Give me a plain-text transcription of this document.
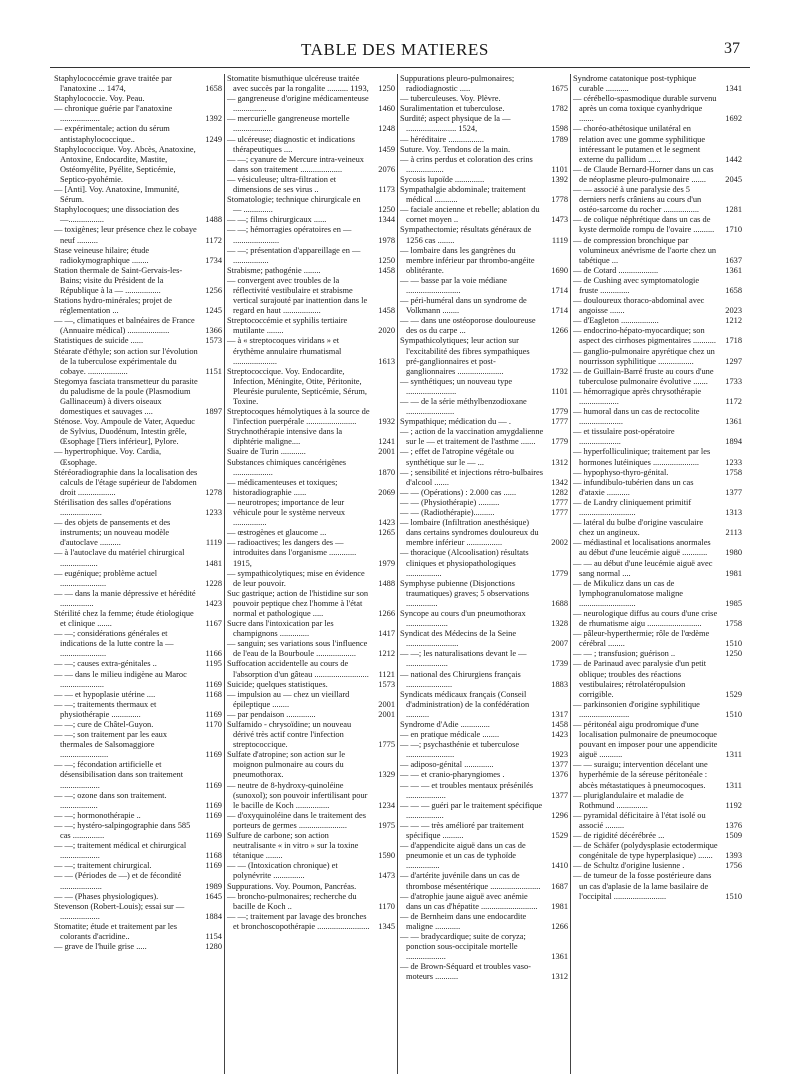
TABLE DES MATIERES	37
Staphylococcémie grave traitée par l'anatoxine ... 1474,	1658
Staphylococcie. Voy. Peau.
— chronique guérie par l'anatoxine ...................	1392
— expérimentale; action du sérum antistaphylococcique..	1249
Staphylococcique. Voy. Abcès, Anatoxine, Antoxine, Endocardite, Mastite, Ostéomyélite, Pyélite, Septicémie, Septico-pyohémie.
— [Anti]. Voy. Anatoxine, Immunité, Sérum.
Staphylocoques; une dissociation des —.................	1488
— toxigènes; leur présence chez le cobaye neuf ..........	1172
Stase veineuse hilaire; étude radiokymographique ........	1734
Station thermale de Saint-Gervais-les-Bains; visite du Président de la République à la — .................	1256
Stations hydro-minérales; projet de réglementation ...	1245
— —, climatiques et balnéaires de France (Annuaire médical) ....................	1366
Statistiques de suicide ......	1573
Stéarate d'éthyle; son action sur l'évolution de la tuberculose expérimentale du cobaye. ...................	1151
Stegomya fasciata transmetteur du parasite du paludisme de la poule (Plasmodium Gallinaceum) à divers oiseaux domestiques et sauvages ....	1897
Sténose. Voy. Ampoule de Vater, Aqueduc de Sylvius, Duodénum, Intestin grêle, Œsophage [Tiers inférieur], Pylore.
— hypertrophique. Voy. Cardia, Œsophage.
Stéréoradiographie dans la localisation des calculs de l'étage supérieur de l'abdomen droit ..................	1278
Stérilisation des salles d'opérations ....................	1233
— des objets de pansements et des instruments; un nouveau modèle d'autoclave ..........	1119
— à l'autoclave du matériel chirurgical ..................	1481
— eugénique; problème actuel ......................	1228
— — dans la manie dépressive et hérédité ................	1423
Stérilité chez la femme; étude étiologique et clinique .......	1167
— —; considérations générales et indications de la lutte contre la — ......................	1166
— —; causes extra-génitales ..	1195
— — dans le milieu indigène au Maroc .....................	1169
— — et hypoplasie utérine ....	1168
— —; traitements thermaux et physiothérapie ..............	1169
— —; cure de Châtel-Guyon.	1170
— —; son traitement par les eaux thermales de Salsomaggiore .......................	1169
— —; fécondation artificielle et désensibilisation dans son traitement ...................	1169
— —; ozone dans son traitement. ..................	1169
— —; hormonothérapie ..	1169
— —; hystéro-salpingographie dans 585 cas ...............	1169
— —; traitement médical et chirurgical ...................	1168
— —; traitement chirurgical.	1169
— — (Périodes de —) et de fécondité ....................	1989
— — (Phases physiologiques).	1645
Stevenson (Robert-Louis); essai sur — ...................	1884
Stomatite; étude et traitement par les colorants d'acridine..	1154
— grave de l'huile grise .....	1280
Stomatite bismuthique ulcéreuse traitée avec succès par la rongalite .......... 1193,	1250
— gangreneuse d'origine médicamenteuse ................	1460
— mercurielle gangreneuse mortelle ...................	1248
— ulcéreuse; diagnostic et indications thérapeutiques ....	1459
— —; cyanure de Mercure intra-veineux dans son traitement ....................	2076
— vésiculeuse; ultra-filtration et dimensions de ses virus ..	1173
Stomatologie; technique chirurgicale en — ..............	1250
— —; films chirurgicaux ......	1344
— —; hémorragies opératoires en — ......................	1978
— —; présentation d'appareillage en — .................	1250
Strabisme; pathogénie ........	1458
— convergent avec troubles de la réflectivité vestibulaire et strabisme vertical surajouté par inattention dans le regard en haut ..................	1458
Streptococcémie et syphilis tertiaire mutilante ........	2020
— à « streptocoques viridans » et érythème annulaire rhumatismal .....................	1613
Streptococcique. Voy. Endocardite, Infection, Méningite, Otite, Péritonite, Pleurésie purulente, Septicémie, Sérum, Toxine.
Streptocoques hémolytiques à la source de l'infection puerpérale ........................	1932
Strychnothérapie intensive dans la diphtérie maligne....	1241
Suaire de Turin ............	2001
Substances chimiques cancérigènes ...................	1870
— médicamenteuses et toxiques; historadiographie ......	2069
— neurotropes; importance de leur véhicule pour le système nerveux ................	1423
— œstrogènes et glaucome ...	1265
— radioactives; les dangers des — introduites dans l'organisme ............. 1915,	1979
— sympathicolytiques; mise en évidence de leur pouvoir.	1488
Suc gastrique; action de l'histidine sur son pouvoir peptique chez l'homme à l'état normal et pathologique .....	1266
Sucre dans l'intoxication par les champignons ..............	1417
— sanguin; ses variations sous l'influence de l'eau de la Bourboule ...................	1212
Suffocation accidentelle au cours de l'absorption d'un gâteau ..........................	1121
Suicide; quelques statistiques.	1573
— impulsion au — chez un vieillard épileptique ........	2001
— par pendaison ..............	2001
Sulfamido - chrysoïdine; un nouveau dérivé très actif contre l'infection streptococcique.	1775
Sulfate d'atropine; son action sur le moignon pulmonaire au cours du pneumothorax.	1329
— neutre de 8-hydroxy-quinoléine (sunoxol); son pouvoir infertilisant pour le bacille de Koch ................	1234
— d'oxyquinoléine dans le traitement des porteurs de germes .......................	1975
Sulfure de carbone; son action neutralisante « in vitro » sur la toxine tétanique ........	1590
— — (Intoxication chronique) et polynévrite ...............	1473
Suppurations. Voy. Poumon, Pancréas.
— broncho-pulmonaires; recherche du bacille de Koch ..	1170
— —; traitement par lavage des bronches et bronchoscopothérapie .........................	1345
Suppurations pleuro-pulmonaires; radiodiagnostic .....	1675
— tuberculeuses. Voy. Plèvre.
Suralimentation et tuberculose.	1782
Surdité; aspect physique de la — ........................ 1524,	1598
— héréditaire .................	1789
Suture. Voy. Tendons de la main.
— à crins perdus et coloration des crins ..................	1101
Sycosis lupoïde ..............	1392
Sympathalgie abdominale; traitement médical ...........	1778
— faciale ancienne et rebelle; ablation du cornet moyen ..	1473
Sympathectomie; résultats généraux de 1256 cas ........	1119
— lombaire dans les gangrènes du membre inférieur par thrombo-angéite oblitérante.	1690
— — basse par la voie médiane ..........................	1714
— péri-huméral dans un syndrome de Volkmann ........	1714
— — dans une ostéoporose douloureuse des os du carpe ...	1266
Sympathicolytiques; leur action sur l'excitabilité des fibres sympathiques pré-ganglionnaires et post-ganglionnaires ......................	1732
— synthétiques; un nouveau type ........................	1101
— — de la série méthylbenzodioxane .......................	1779
Sympathique; médication du — .	1777
— ; action de la vaccination amygdalienne sur le — et traitement de l'asthme .......	1779
— ; effet de l'atropine végétale ou synthétique sur le — ...	1312
— ; sensibilité et injections rétro-bulbaires d'alcool .......	1342
— — (Opérations) : 2.000 cas ......	1282
— — (Physiothérapie) ..........	1777
— — (Radiothérapie)..........	1777
— lombaire (Infiltration anesthésique) dans certains syndromes douloureux du membre inférieur .................	2002
— thoracique (Alcoolisation) résultats cliniques et physiopathologiques .................	1779
Symphyse pubienne (Disjonctions traumatiques) graves; 5 observations ...............	1688
Syncope au cours d'un pneumothorax ....................	1328
Syndicat des Médecins de la Seine .........................	2007
— —; les naturalisations devant le — ....................	1739
— national des Chirurgiens français ......................	1883
Syndicats médicaux français (Conseil d'administration) de la confédération ...........	1317
Syndrome d'Adie ..............	1458
— en pratique médicale ........	1423
— —; psychasthénie et tuberculose .......................	1923
— adiposo-génital ..............	1377
— — et cranio-pharyngiomes .	1376
— — — et troubles mentaux présénilés ...................	1377
— — — guéri par le traitement spécifique ..................	1296
— — — très amélioré par traitement spécifique ..........	1529
— d'appendicite aiguë dans un cas de pneumonie et un cas de typhoïde ................	1410
— d'artérite juvénile dans un cas de thrombose mésentérique ........................	1687
— d'atrophie jaune aiguë avec anémie dans un cas d'hépatite ...........................	1981
— de Bernheim dans une endocardite maligne ............	1266
— — bradycardique; suite de coryza; ponction sous-occipitale mortelle ...................	1361
— de Brown-Séquard et troubles vaso-moteurs ...........	1312
Syndrome catatonique post-typhique curable ...........	1341
— cérébello-spasmodique durable survenu après un coma toxique cyanhydrique .......	1692
— choréo-athétosique unilatéral en relation avec une gomme syphilitique intéressant le putamen et le segment externe du pallidum ......	1442
— de Claude Bernard-Horner dans un cas de néoplasme pleuro-pulmonaire .......	2045
— — associé à une paralysie des 5 derniers nerfs crâniens au cours d'un ostéo-sarcome du rocher .................	1281
— de colique néphrétique dans un cas de kyste dermoïde rompu de l'ovaire ..........	1710
— de compression bronchique par volumineux anévrisme de l'aorte chez un tabétique ...	1637
— de Cotard ...................	1361
— de Cushing avec symptomatologie fruste ..............	1658
— douloureux thoraco-abdominal avec angoisse .......	2023
— d'Eagleton ..................	1212
— endocrino-hépato-myocardique; son aspect des cirrhoses pigmentaires ...........	1718
— ganglio-pulmonaire apyrétique chez un nourrisson syphilitique .................	1297
— de Guillain-Barré fruste au cours d'une tuberculose pulmonaire évolutive .......	1733
— hémorragique après chrysothérapie ...................	1172
— humoral dans un cas de rectocolite .....................	1361
— et tissulaire post-opératoire ....................	1894
— hyperfolliculinique; traitement par les hormones lutéiniques ......................	1233
— hypophyso-thyro-génital.	1758
— infundibulo-tubérien dans un cas d'ataxie ...........	1377
— de Landry cliniquement primitif ...........................	1313
— latéral du bulbe d'origine vasculaire chez un angineux.	2113
— médiastinal et localisations anormales au début d'une leucémie aiguë ............	1980
— — au début d'une leucémie aiguë avec sang normal ....	1981
— de Mikulicz dans un cas de lymphogranulomatose maligne ...........................	1985
— neurologique diffus au cours d'une crise de rhumatisme aigu ..........................	1758
— pâleur-hyperthermie; rôle de l'œdème cérébral ........	1510
— — ; transfusion; guérison ..	1250
— de Parinaud avec paralysie d'un petit oblique; troubles des réactions vestibulaires; rétrolatéropulsion corrigible.	1529
— parkinsonien d'origine syphilitique ........................	1510
— péritonéal aigu prodromique d'une localisation pulmonaire de pneumocoque pouvant en imposer pour une appendicite aiguë ...........	1311
— — suraigu; intervention décelant une hyperhémie de la séreuse péritonéale : abcès métastatiques à pneumocoques.	1311
— pluriglandulaire et maladie de Rothmund ...............	1192
— pyramidal déficitaire à l'état isolé ou associé .........	1376
— de rigidité décérébrée ...	1509
— de Schäfer (polydysplasie ectodermique congénitale de type hyperplasique) .......	1393
— de Schultz d'origine lusienne .	1756
— de tumeur de la fosse postérieure dans un cas d'aplasie de la lame basilaire de l'occipital .........................	1510
